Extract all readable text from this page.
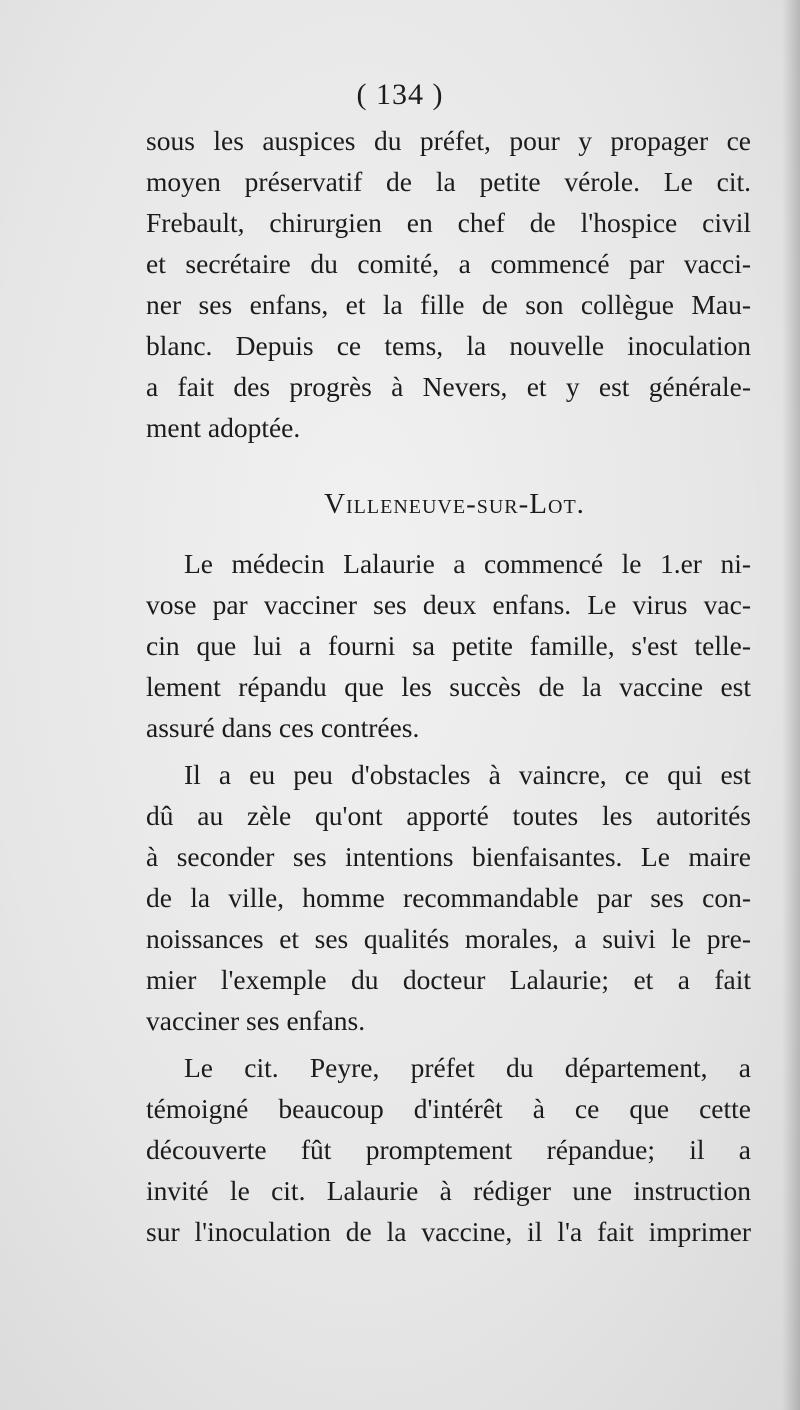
( 134 )
sous les auspices du préfet, pour y propager ce
moyen préservatif de la petite vérole. Le cit.
Frebault, chirurgien en chef de l'hospice civil
et secrétaire du comité, a commencé par vacci-
ner ses enfans, et la fille de son collègue Mau-
blanc. Depuis ce tems, la nouvelle inoculation
a fait des progrès à Nevers, et y est générale-
ment adoptée.
Villeneuve-sur-Lot.
Le médecin Lalaurie a commencé le 1.er ni-
vose par vacciner ses deux enfans. Le virus vac-
cin que lui a fourni sa petite famille, s'est telle-
lement répandu que les succès de la vaccine est
assuré dans ces contrées.
Il a eu peu d'obstacles à vaincre, ce qui est
dû au zèle qu'ont apporté toutes les autorités
à seconder ses intentions bienfaisantes. Le maire
de la ville, homme recommandable par ses con-
noissances et ses qualités morales, a suivi le pre-
mier l'exemple du docteur Lalaurie; et a fait
vacciner ses enfans.
Le cit. Peyre, préfet du département, a
témoigné beaucoup d'intérêt à ce que cette
découverte fût promptement répandue; il a
invité le cit. Lalaurie à rédiger une instruction
sur l'inoculation de la vaccine, il l'a fait imprimer
